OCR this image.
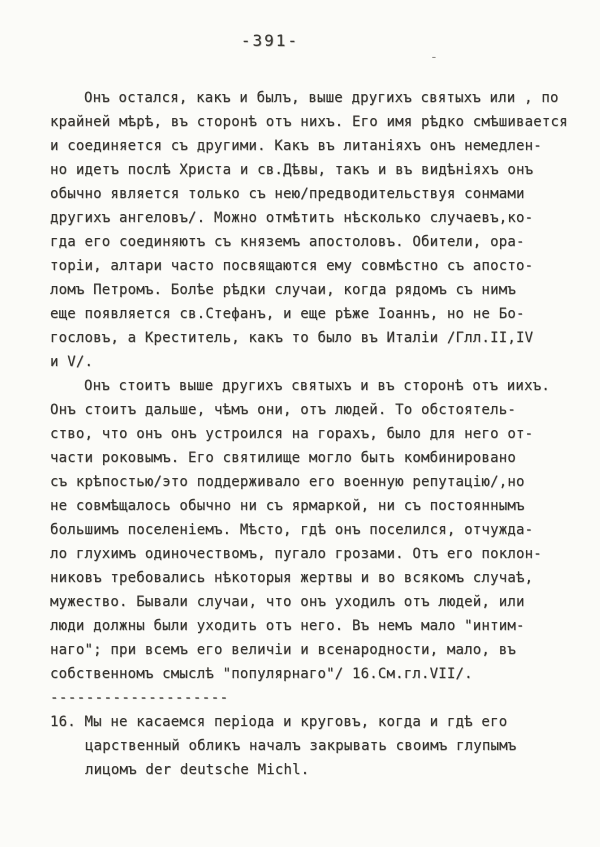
-391-
-
Онъ остался, какъ и былъ, выше другихъ святыхъ или , по
крайней мѣрѣ, въ сторонѣ отъ нихъ. Его имя рѣдко смѣшивается
и соединяется съ другими. Какъ въ литаніяхъ онъ немедлен-
но идетъ послѣ Христа и св.Дѣвы, такъ и въ видѣніяхъ онъ
обычно является только съ нею/предводительствуя сонмами
другихъ ангеловъ/. Можно отмѣтить нѣсколько случаевъ,ко-
гда его соединяютъ съ княземъ апостоловъ. Обители, ора-
торіи, алтари часто посвящаются ему совмѣстно съ апосто-
ломъ Петромъ. Болѣе рѣдки случаи, когда рядомъ съ нимъ
еще появляется св.Стефанъ, и еще рѣже Іоаннъ, но не Бо-
гословъ, а Креститель, какъ то было въ Италіи /Глл.II,IV
и V/.
Онъ стоитъ выше другихъ святыхъ и въ сторонѣ отъ иихъ.
Онъ стоитъ дальше, чѣмъ они, отъ людей. То обстоятель-
ство, что онъ онъ устроился на горахъ, было для него от-
части роковымъ. Его святилище могло быть комбинировано
съ крѣпостью/это поддерживало его военную репутацію/,но
не совмѣщалось обычно ни съ ярмаркой, ни съ постояннымъ
большимъ поселеніемъ. Мѣсто, гдѣ онъ поселился, отчужда-
ло глухимъ одиночествомъ, пугало грозами. Отъ его поклон-
никовъ требовались нѣкоторыя жертвы и во всякомъ случаѣ,
мужество. Бывали случаи, что онъ уходилъ отъ людей, или
люди должны были уходить отъ него. Въ немъ мало "интим-
наго"; при всемъ его величіи и всенародности, мало, въ
собственномъ смыслѣ "популярнаго"/ 16.См.гл.VII/.
--------------------
16. Мы не касаемся періода и круговъ, когда и гдѣ его
царственный обликъ началъ закрывать своимъ глупымъ
лицомъ der deutsche Michl.
